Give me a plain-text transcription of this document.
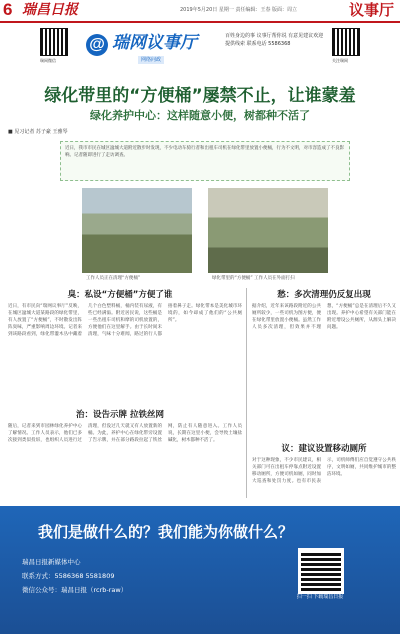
6 瑞昌日报	2019年5月20日 星期一 责任编辑：王春 版面：周立	议事厅
瑞网微信
@ 瑞网议事厅
网络问政
百姓身边的事 议事厅帮你说 有意见建议欢迎提供线索 联系电话 5586368
关注瑞网
绿化带里的“方便桶”屡禁不止，让谁蒙羞
绿化养护中心：这样随意小便，树都种不活了
■ 见习记者 苏子豪 王雅琴
近日，我市市民在城区湓城大道附近散步时发现，不少电动车骑行者和出租车司机在绿化带里放置小便桶，行为不文明，对市容造成了不良影响。记者随即进行了走访调查。
工作人员正在清理“方便桶”	绿化带里的“方便桶” 工作人员在外面打扫
臭：私设“方便桶”方便了谁
近日，有市民向“瑞网议事厅”反映，在城区湓城大道某路段的绿化带里，有人放置了“方便桶”，不时散发出阵阵臭味，严重影响周边环境。记者来到该路段看到，绿化带灌木丛中藏着几个白色塑料桶，桶内装有尿液，有些已经满溢。附近居民说，这些桶是一些出租车司机和摩的司机放置的，方便他们在这里解手。由于长时间未清理，气味十分难闻，路过的行人都捂着鼻子走。绿化带本是美化城市环境的，如今却成了他们的“公共厕所”。
治：设告示牌 拉铁丝网
随后，记者来到市园林绿化养护中心了解情况。工作人员表示，他们已多次接到类似投诉，也组织人员进行过清理，但没过几天就又有人放置新的桶。为此，养护中心在绿化带旁设置了告示牌，并在部分路段拉起了铁丝网，防止有人随意进入。工作人员说，长期在这里小便，会导致土壤盐碱化，树木都种不活了。
愁：多次清理仍反复出现
据介绍，近年来该路段附近的公共厕所较少，一些司机为图方便，便在绿化带里放置小便桶。虽然工作人员多次清理，但效果并不理想，“方便桶”总是在清理后不久又出现。养护中心希望有关部门能在附近增设公共厕所，从源头上解决问题。
议：建议设置移动厕所
对于这种现象，不少市民建议，相关部门可在出租车停靠点附近设置移动厕所，方便司机如厕，同时加大巡查和处罚力度。也有市民表示，司机师傅们应自觉遵守公共秩序，文明如厕，共同维护城市的整洁环境。
我们是做什么的？我们能为你做什么？
瑞昌日报新媒体中心
联系方式：5586368 5581809
微信公众号：瑞昌日报（rcrb-raw）
扫一扫 下载瑞昌日报
